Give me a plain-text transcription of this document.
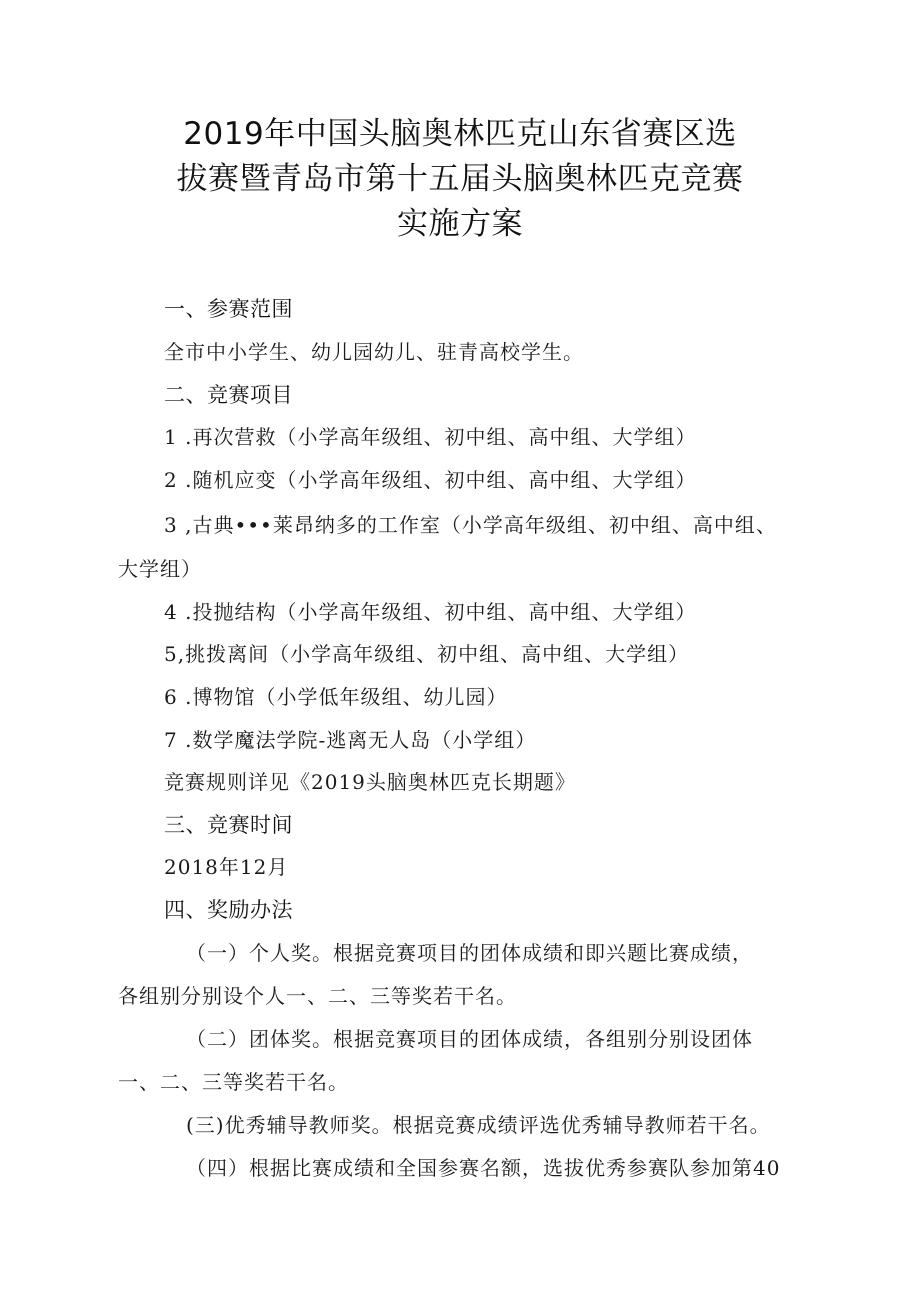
2019年中国头脑奥林匹克山东省赛区选
拔赛暨青岛市第十五届头脑奥林匹克竞赛
实施方案
一、参赛范围
全市中小学生、幼儿园幼儿、驻青高校学生。
二、竞赛项目
1 .再次营救（小学高年级组、初中组、高中组、大学组）
2 .随机应变（小学高年级组、初中组、高中组、大学组）
3 ,古典•••莱昂纳多的工作室（小学高年级组、初中组、高中组、
大学组）
4 .投抛结构（小学高年级组、初中组、高中组、大学组）
5,挑拨离间（小学高年级组、初中组、高中组、大学组）
6 .博物馆（小学低年级组、幼儿园）
7 .数学魔法学院-逃离无人岛（小学组）
竞赛规则详见《2019头脑奥林匹克长期题》
三、竞赛时间
2018年12月
四、奖励办法
（一）个人奖。根据竞赛项目的团体成绩和即兴题比赛成绩，
各组别分别设个人一、二、三等奖若干名。
（二）团体奖。根据竞赛项目的团体成绩，各组别分别设团体
一、二、三等奖若干名。
(三)优秀辅导教师奖。根据竞赛成绩评选优秀辅导教师若干名。
（四）根据比赛成绩和全国参赛名额，选拔优秀参赛队参加第40
